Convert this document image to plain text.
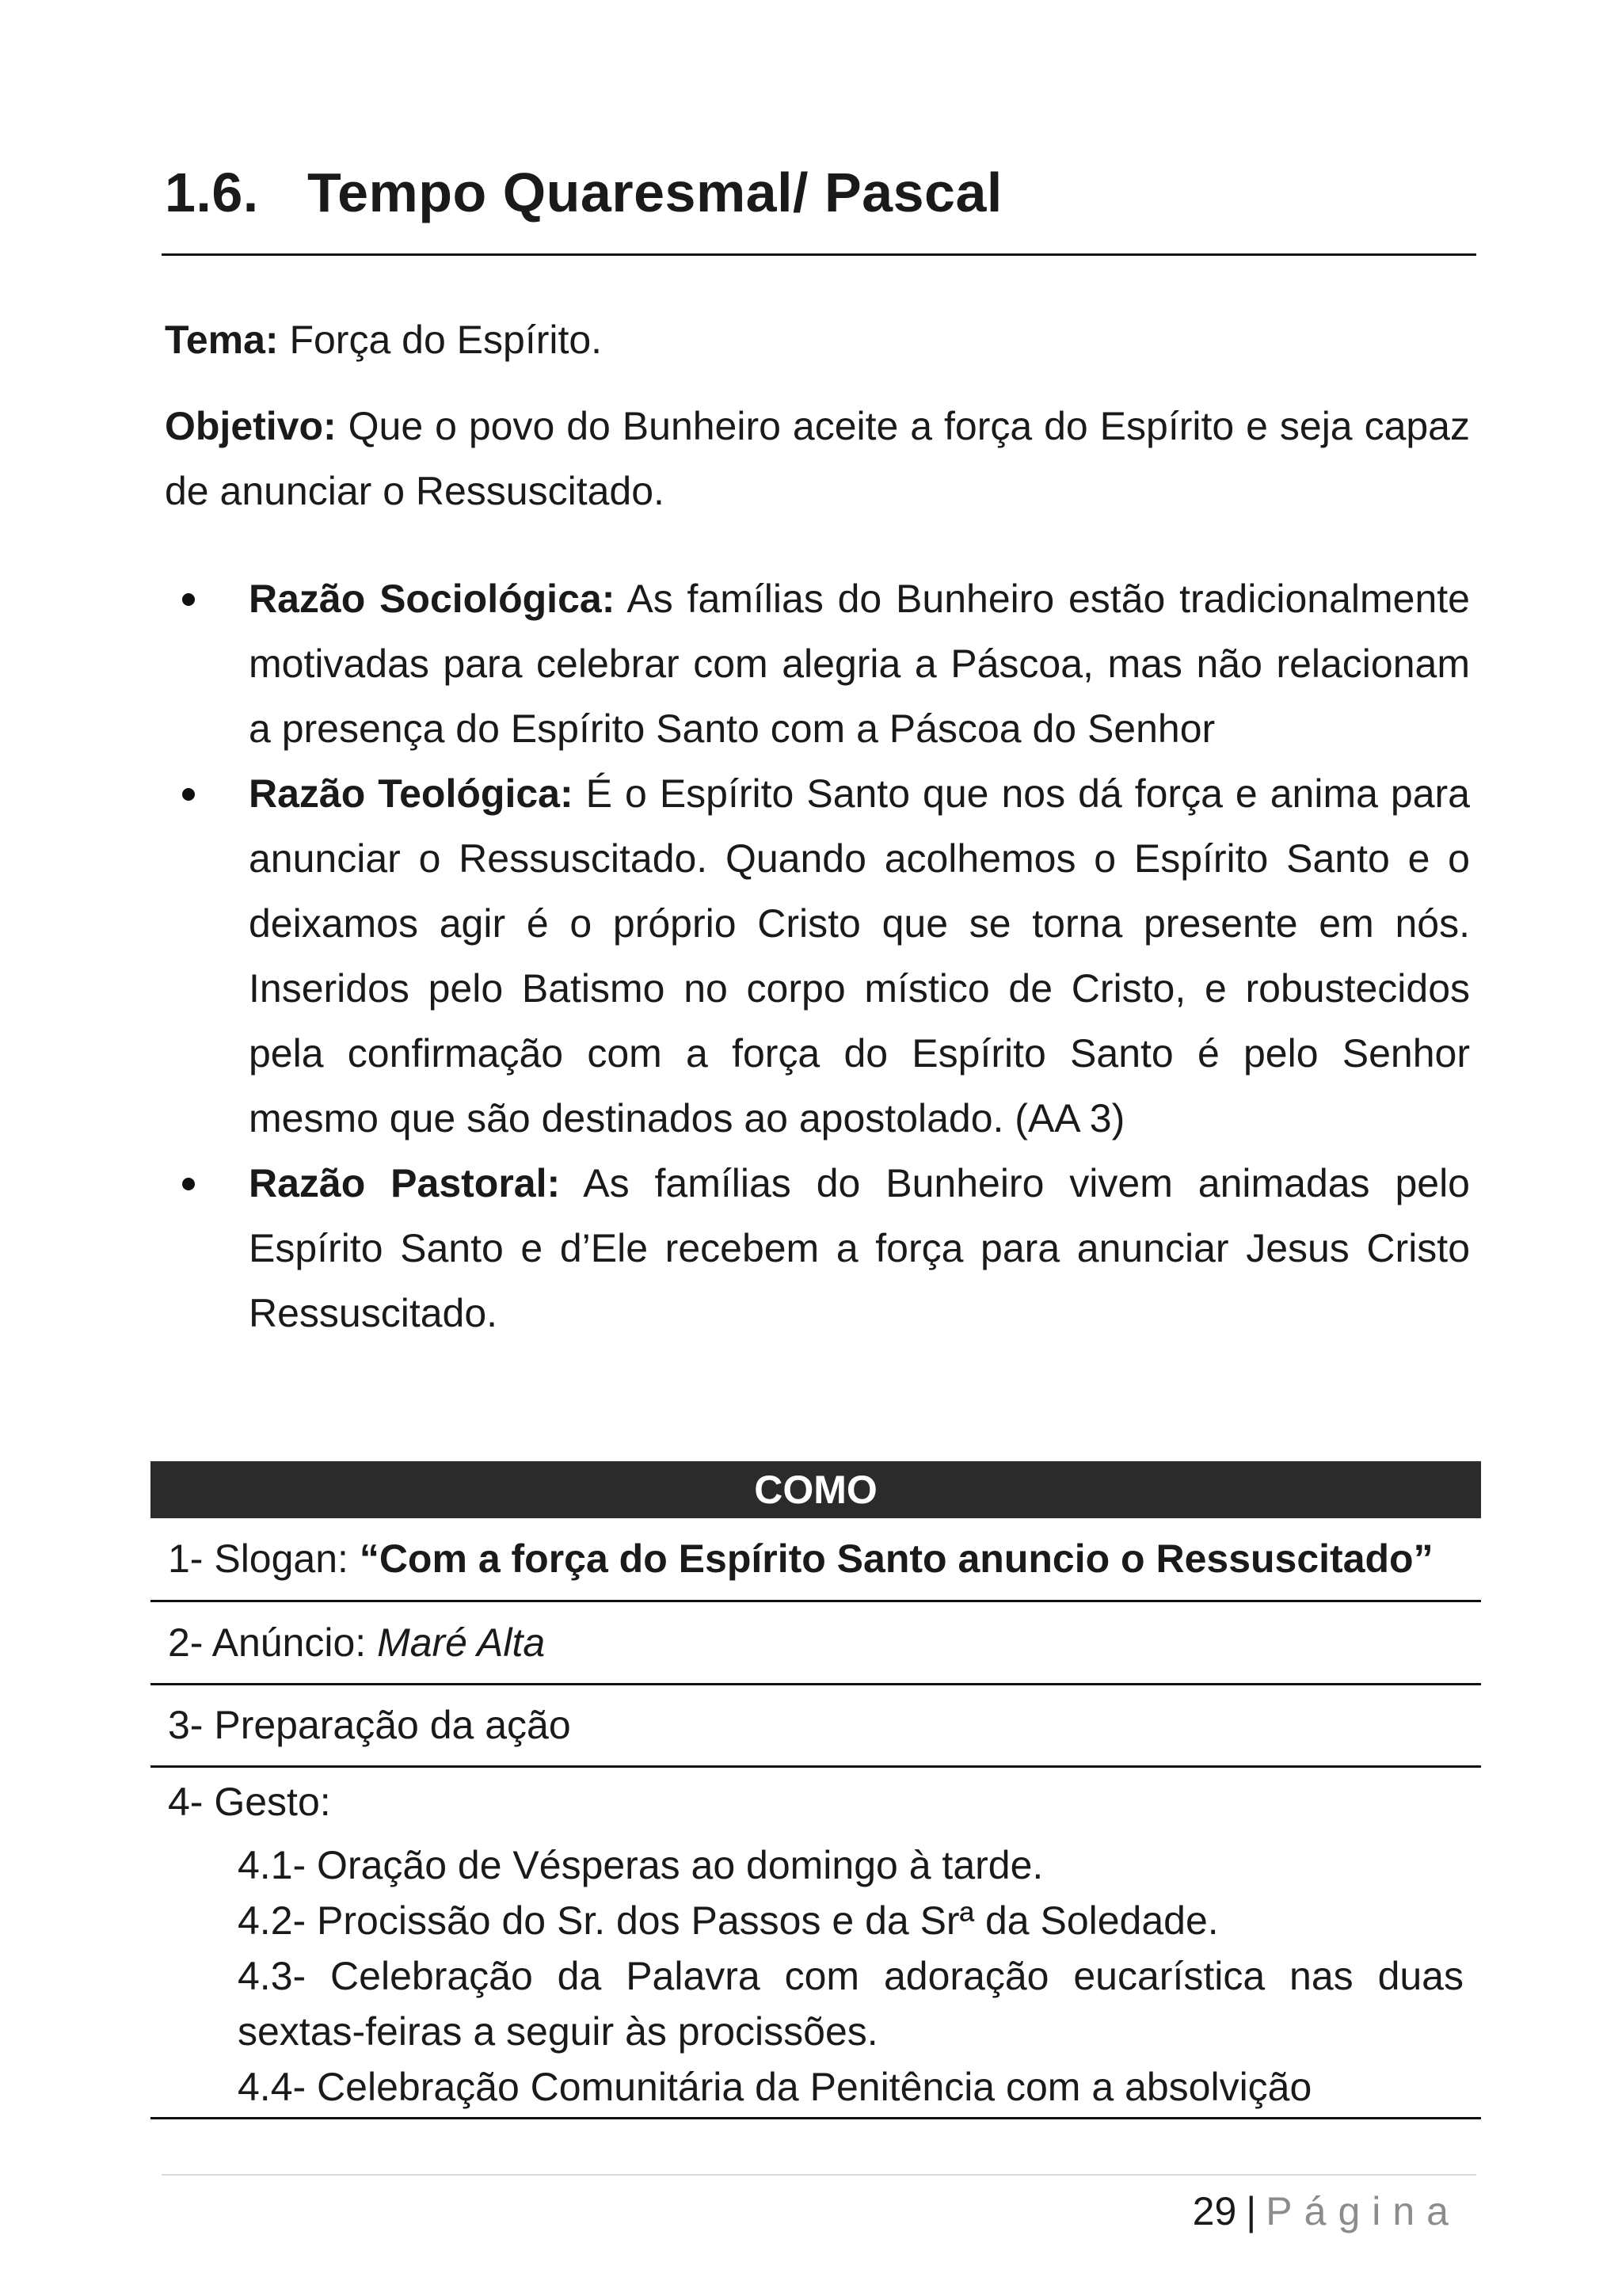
1.6. Tempo Quaresmal/ Pascal

Tema: Força do Espírito.

Objetivo: Que o povo do Bunheiro aceite a força do Espírito e seja capaz de anunciar o Ressuscitado.

Razão Sociológica: As famílias do Bunheiro estão tradicionalmente motivadas para celebrar com alegria a Páscoa, mas não relacionam a presença do Espírito Santo com a Páscoa do Senhor
Razão Teológica: É o Espírito Santo que nos dá força e anima para anunciar o Ressuscitado. Quando acolhemos o Espírito Santo e o deixamos agir é o próprio Cristo que se torna presente em nós. Inseridos pelo Batismo no corpo místico de Cristo, e robustecidos pela confirmação com a força do Espírito Santo é pelo Senhor mesmo que são destinados ao apostolado. (AA 3)
Razão Pastoral: As famílias do Bunheiro vivem animadas pelo Espírito Santo e d’Ele recebem a força para anunciar Jesus Cristo Ressuscitado.
COMO
1- Slogan: “Com a força do Espírito Santo anuncio o Ressuscitado”
2- Anúncio: Maré Alta
3- Preparação da ação
4- Gesto:
4.1- Oração de Vésperas ao domingo à tarde.
4.2- Procissão do Sr. dos Passos e da Srª da Soledade.
4.3- Celebração da Palavra com adoração eucarística nas duas sextas-feiras a seguir às procissões.
4.4- Celebração Comunitária da Penitência com a absolvição
29 | Página
